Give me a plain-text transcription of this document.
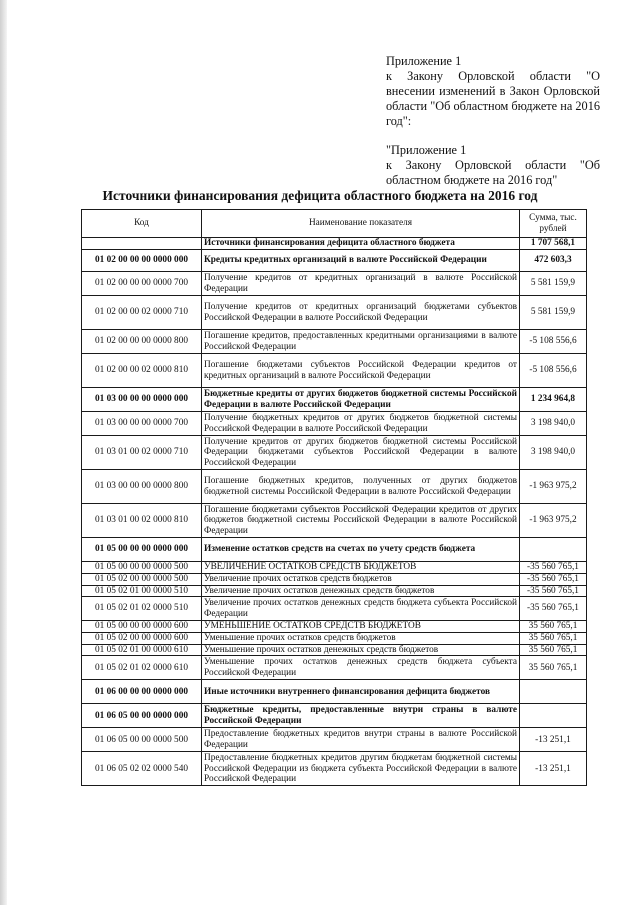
Приложение 1

к Закону Орловской области "О внесении изменений в Закон Орловской области "Об областном бюджете на 2016 год":

"Приложение 1

к Закону Орловской области "Об областном бюджете на 2016 год"

Источники финансирования дефицита областного бюджета на 2016 год
Код	Наименование показателя	Сумма, тыс. рублей
	Источники финансирования дефицита областного бюджета	1 707 568,1
01 02 00 00 00 0000 000	Кредиты кредитных организаций в валюте Российской Федерации	472 603,3
01 02 00 00 00 0000 700	Получение кредитов от кредитных организаций в валюте Российской Федерации	5 581 159,9
01 02 00 00 02 0000 710	Получение кредитов от кредитных организаций бюджетами субъектов Российской Федерации в валюте Российской Федерации	5 581 159,9
01 02 00 00 00 0000 800	Погашение кредитов, предоставленных кредитными организациями в валюте Российской Федерации	-5 108 556,6
01 02 00 00 02 0000 810	Погашение бюджетами субъектов Российской Федерации кредитов от кредитных организаций в валюте Российской Федерации	-5 108 556,6
01 03 00 00 00 0000 000	Бюджетные кредиты от других бюджетов бюджетной системы Российской Федерации в валюте Российской Федерации	1 234 964,8
01 03 00 00 00 0000 700	Получение бюджетных кредитов от других бюджетов бюджетной системы Российской Федерации в валюте Российской Федерации	3 198 940,0
01 03 01 00 02 0000 710	Получение кредитов от других бюджетов бюджетной системы Российской Федерации бюджетами субъектов Российской Федерации в валюте Российской Федерации	3 198 940,0
01 03 00 00 00 0000 800	Погашение бюджетных кредитов, полученных от других бюджетов бюджетной системы Российской Федерации в валюте Российской Федерации	-1 963 975,2
01 03 01 00 02 0000 810	Погашение бюджетами субъектов Российской Федерации кредитов от других бюджетов бюджетной системы Российской Федерации в валюте Российской Федерации	-1 963 975,2
01 05 00 00 00 0000 000	Изменение остатков средств на счетах по учету средств бюджета	
01 05 00 00 00 0000 500	УВЕЛИЧЕНИЕ ОСТАТКОВ СРЕДСТВ БЮДЖЕТОВ	-35 560 765,1
01 05 02 00 00 0000 500	Увеличение прочих остатков средств бюджетов	-35 560 765,1
01 05 02 01 00 0000 510	Увеличение прочих остатков денежных средств бюджетов	-35 560 765,1
01 05 02 01 02 0000 510	Увеличение прочих остатков денежных средств бюджета субъекта Российской Федерации	-35 560 765,1
01 05 00 00 00 0000 600	УМЕНЬШЕНИЕ ОСТАТКОВ СРЕДСТВ БЮДЖЕТОВ	35 560 765,1
01 05 02 00 00 0000 600	Уменьшение прочих остатков средств бюджетов	35 560 765,1
01 05 02 01 00 0000 610	Уменьшение прочих остатков денежных средств бюджетов	35 560 765,1
01 05 02 01 02 0000 610	Уменьшение прочих остатков денежных средств бюджета субъекта Российской Федерации	35 560 765,1
01 06 00 00 00 0000 000	Иные источники внутреннего финансирования дефицита бюджетов	
01 06 05 00 00 0000 000	Бюджетные кредиты, предоставленные внутри страны в валюте Российской Федерации	
01 06 05 00 00 0000 500	Предоставление бюджетных кредитов внутри страны в валюте Российской Федерации	-13 251,1
01 06 05 02 02 0000 540	Предоставление бюджетных кредитов другим бюджетам бюджетной системы Российской Федерации из бюджета субъекта Российской Федерации в валюте Российской Федерации	-13 251,1
